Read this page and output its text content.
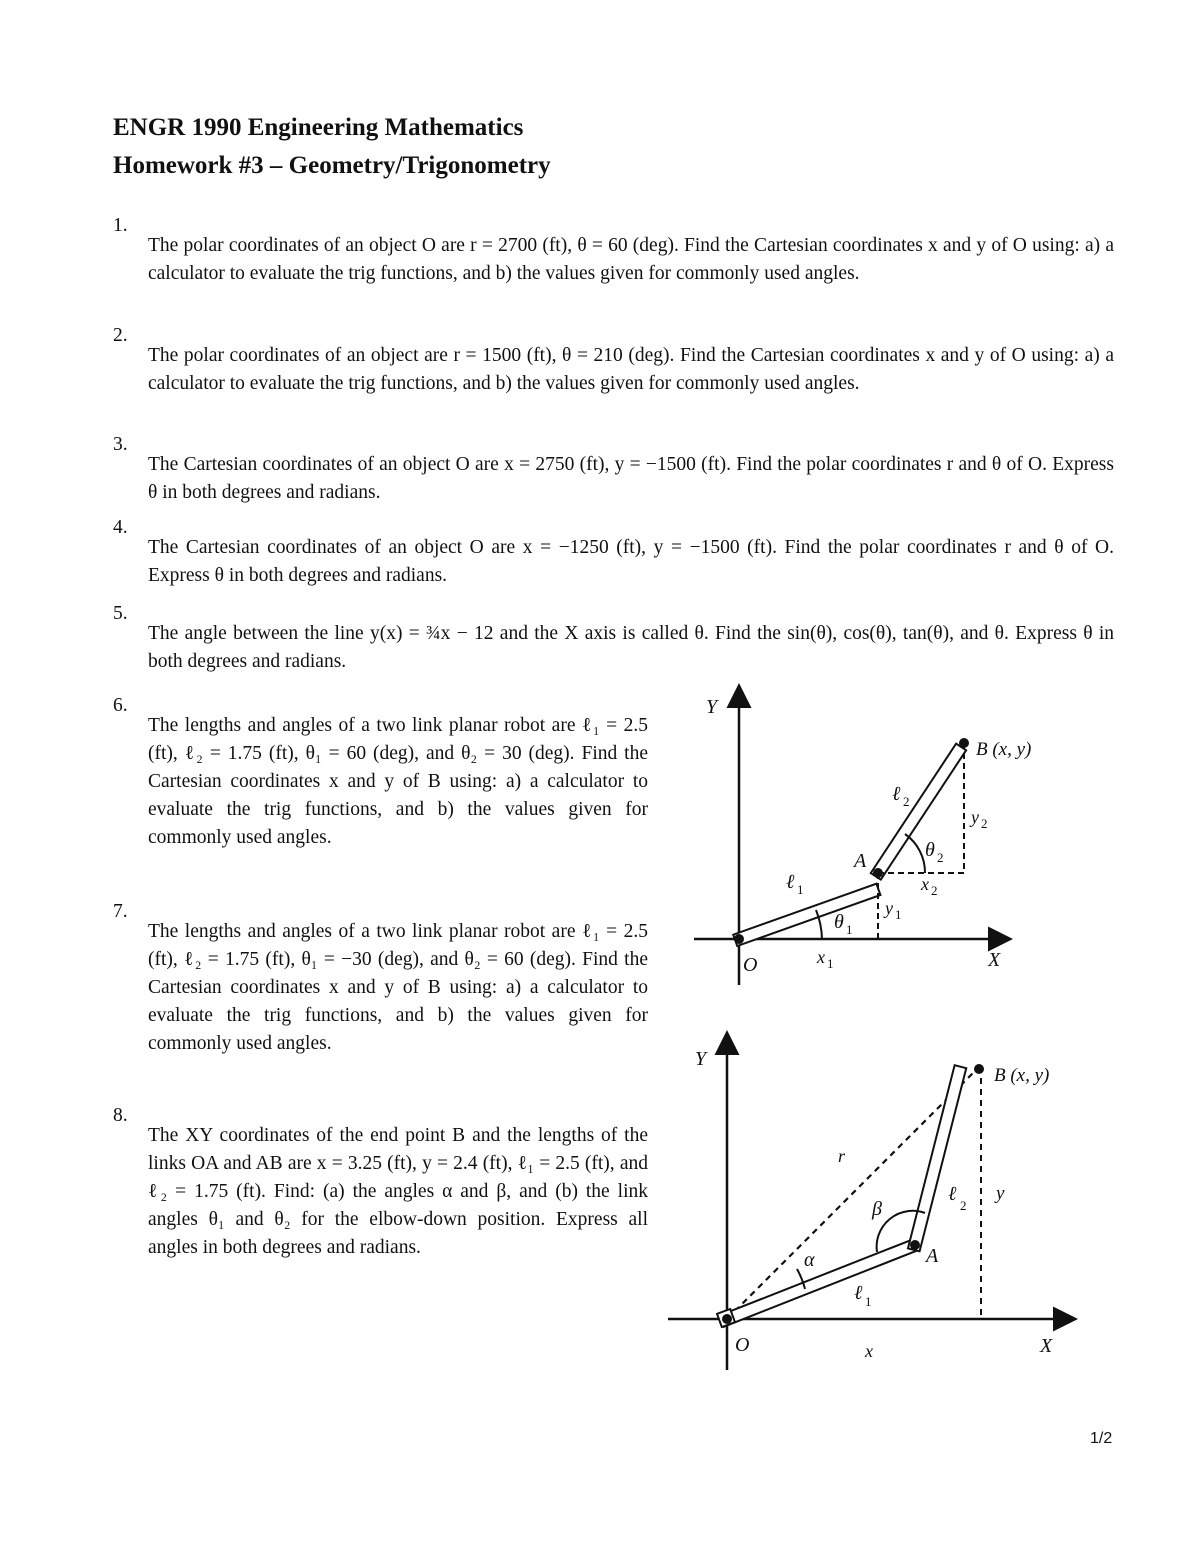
ENGR 1990 Engineering Mathematics
Homework #3 – Geometry/Trigonometry
1.

The polar coordinates of an object O are r = 2700 (ft), θ = 60 (deg). Find the Cartesian coordinates x and y of O using: a) a calculator to evaluate the trig functions, and b) the values given for commonly used angles.

2.

The polar coordinates of an object are r = 1500 (ft), θ = 210 (deg). Find the Cartesian coordinates x and y of O using: a) a calculator to evaluate the trig functions, and b) the values given for commonly used angles.

3.

The Cartesian coordinates of an object O are x = 2750 (ft), y = −1500 (ft). Find the polar coordinates r and θ of O. Express θ in both degrees and radians.

4.

The Cartesian coordinates of an object O are x = −1250 (ft), y = −1500 (ft). Find the polar coordinates r and θ of O. Express θ in both degrees and radians.

5.

The angle between the line y(x) = ¾x − 12 and the X axis is called θ. Find the sin(θ), cos(θ), tan(θ), and θ. Express θ in both degrees and radians.

6.

The lengths and angles of a two link planar robot are ℓ₁ = 2.5 (ft), ℓ₂ = 1.75 (ft), θ₁ = 60 (deg), and θ₂ = 30 (deg). Find the Cartesian coordinates x and y of B using: a) a calculator to evaluate the trig functions, and b) the values given for commonly used angles.

7.

The lengths and angles of a two link planar robot are ℓ₁ = 2.5 (ft), ℓ₂ = 1.75 (ft), θ₁ = −30 (deg), and θ₂ = 60 (deg). Find the Cartesian coordinates x and y of B using: a) a calculator to evaluate the trig functions, and b) the values given for commonly used angles.

8.

The XY coordinates of the end point B and the lengths of the links OA and AB are x = 3.25 (ft), y = 2.4 (ft), ℓ₁ = 2.5 (ft), and ℓ₂ = 1.75 (ft). Find: (a) the angles α and β, and (b) the link angles θ₁ and θ₂ for the elbow-down position. Express all angles in both degrees and radians.

Y
X
O
A
B (x, y)
ℓ 1
ℓ 2
θ 1
θ 2
x 1
y 1
x 2
y 2
Y
X
O
A
B (x, y)
r
α
β
ℓ 1
ℓ
2
x
y
1/2
